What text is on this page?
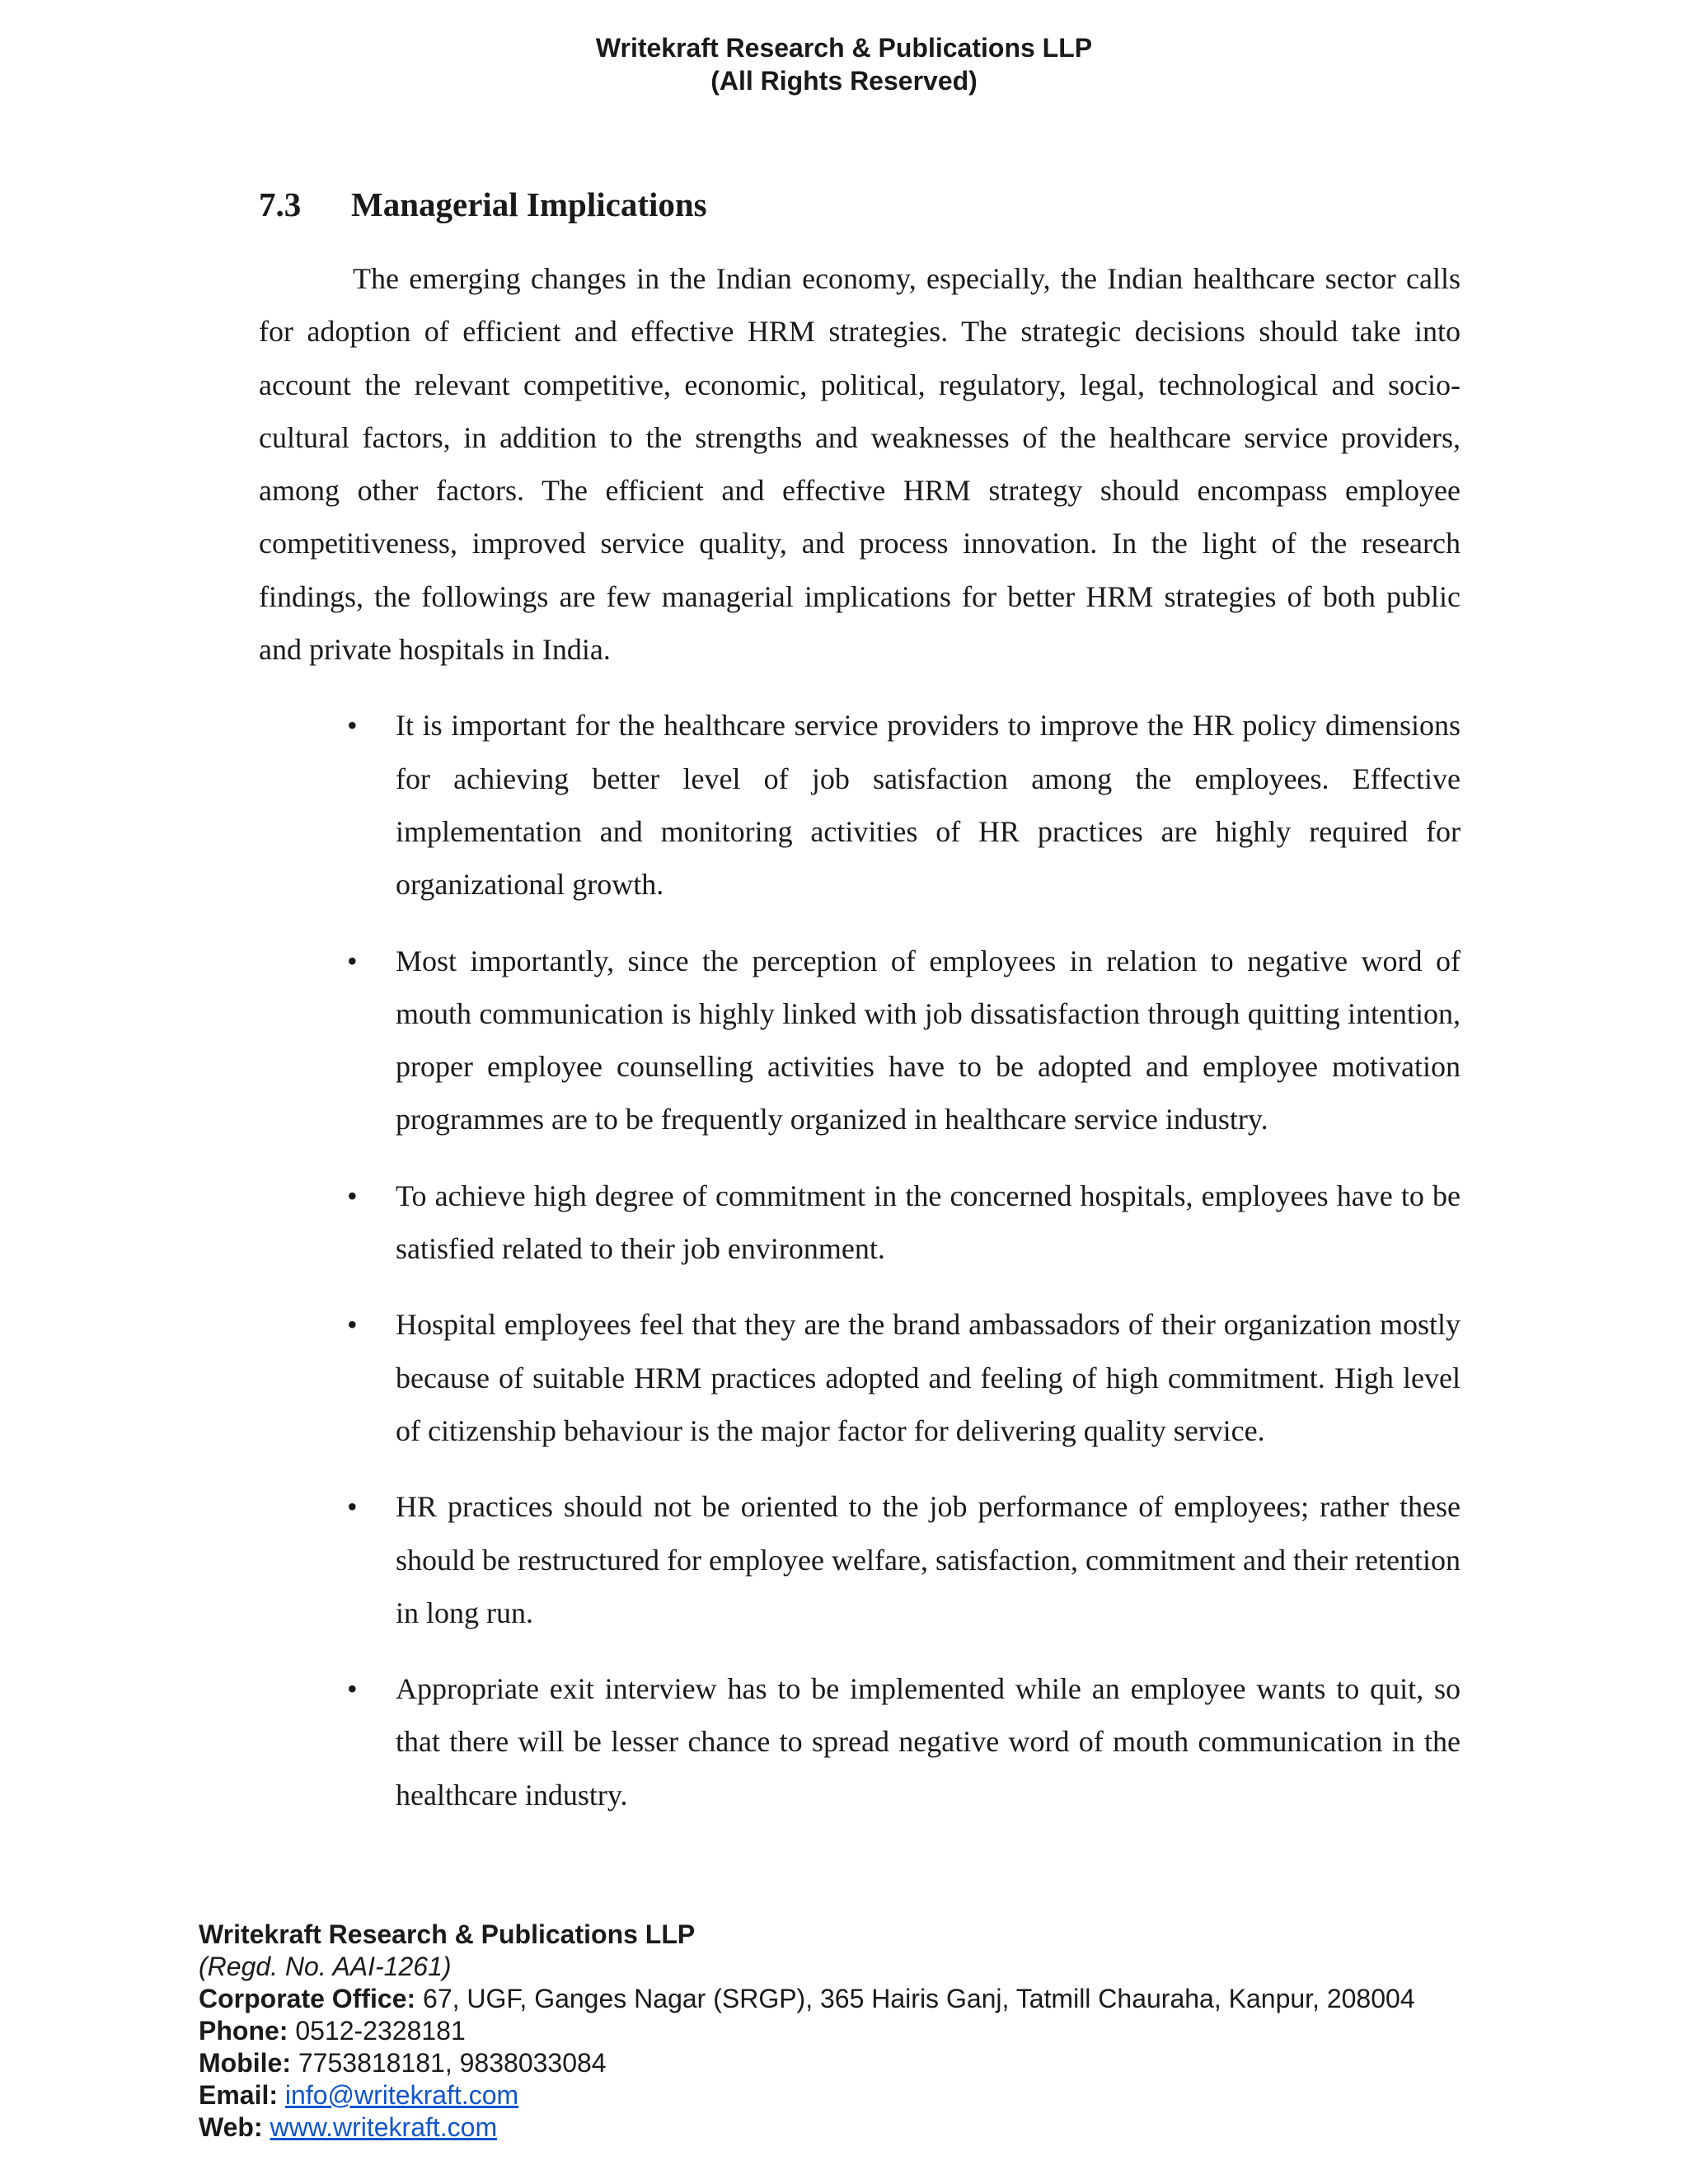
Writekraft Research & Publications LLP
(All Rights Reserved)
7.3	Managerial Implications

The emerging changes in the Indian economy, especially, the Indian healthcare sector calls for adoption of efficient and effective HRM strategies. The strategic decisions should take into account the relevant competitive, economic, political, regulatory, legal, technological and socio-cultural factors, in addition to the strengths and weaknesses of the healthcare service providers, among other factors. The efficient and effective HRM strategy should encompass employee competitiveness, improved service quality, and process innovation. In the light of the research findings, the followings are few managerial implications for better HRM strategies of both public and private hospitals in India.

• It is important for the healthcare service providers to improve the HR policy dimensions for achieving better level of job satisfaction among the employees. Effective implementation and monitoring activities of HR practices are highly required for organizational growth.
• Most importantly, since the perception of employees in relation to negative word of mouth communication is highly linked with job dissatisfaction through quitting intention, proper employee counselling activities have to be adopted and employee motivation programmes are to be frequently organized in healthcare service industry.
• To achieve high degree of commitment in the concerned hospitals, employees have to be satisfied related to their job environment.
• Hospital employees feel that they are the brand ambassadors of their organization mostly because of suitable HRM practices adopted and feeling of high commitment. High level of citizenship behaviour is the major factor for delivering quality service.
• HR practices should not be oriented to the job performance of employees; rather these should be restructured for employee welfare, satisfaction, commitment and their retention in long run.
• Appropriate exit interview has to be implemented while an employee wants to quit, so that there will be lesser chance to spread negative word of mouth communication in the healthcare industry.
Writekraft Research & Publications LLP
(Regd. No. AAI-1261)
Corporate Office: 67, UGF, Ganges Nagar (SRGP), 365 Hairis Ganj, Tatmill Chauraha, Kanpur, 208004
Phone: 0512-2328181
Mobile: 7753818181, 9838033084
Email: info@writekraft.com
Web: www.writekraft.com
